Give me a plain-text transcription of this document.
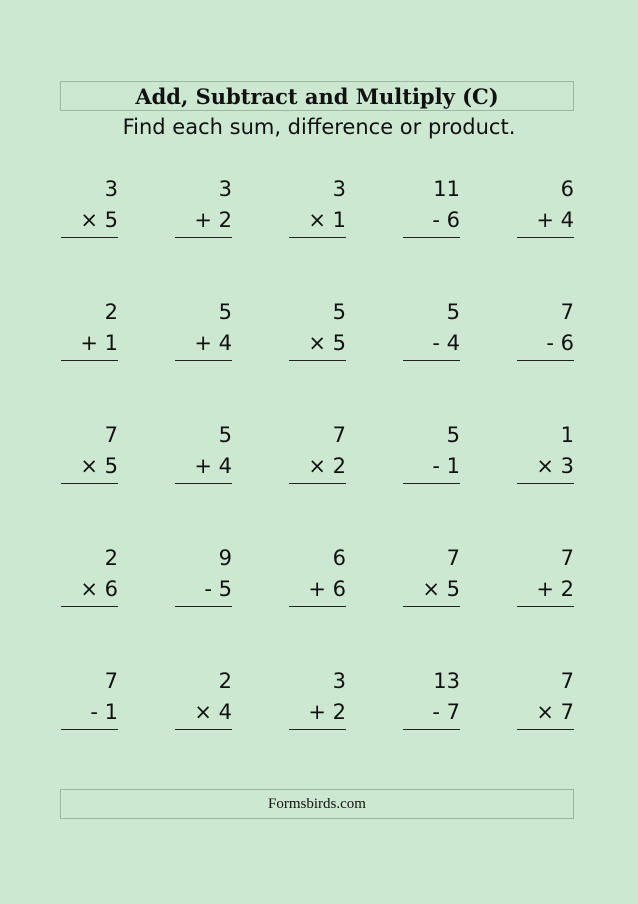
Add, Subtract and Multiply (C)
Find each sum, difference or product.
3
× 5
3
+ 2
3
× 1
11
- 6
6
+ 4
2
+ 1
5
+ 4
5
× 5
5
- 4
7
- 6
7
× 5
5
+ 4
7
× 2
5
- 1
1
× 3
2
× 6
9
- 5
6
+ 6
7
× 5
7
+ 2
7
- 1
2
× 4
3
+ 2
13
- 7
7
× 7
Formsbirds.com
